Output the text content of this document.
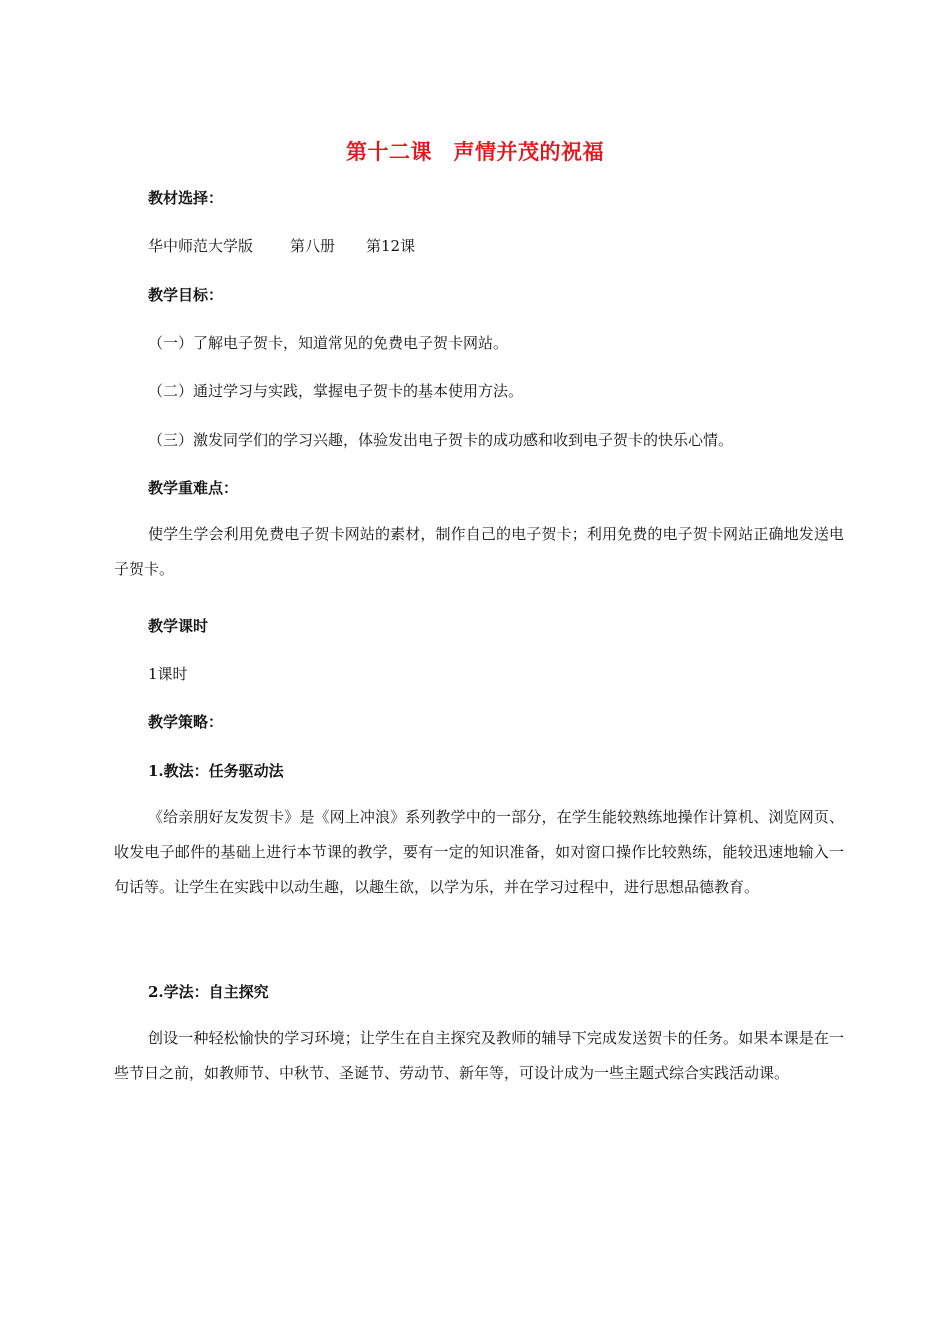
第十二课　声情并茂的祝福
教材选择：
华中师范大学版 第八册 第12课
教学目标：
（一）了解电子贺卡，知道常见的免费电子贺卡网站。
（二）通过学习与实践，掌握电子贺卡的基本使用方法。
（三）激发同学们的学习兴趣，体验发出电子贺卡的成功感和收到电子贺卡的快乐心情。
教学重难点：
使学生学会利用免费电子贺卡网站的素材，制作自己的电子贺卡；利用免费的电子贺卡网站正确地发送电子贺卡。
教学课时
1课时
教学策略：
1.教法：任务驱动法
《给亲朋好友发贺卡》是《网上冲浪》系列教学中的一部分，在学生能较熟练地操作计算机、浏览网页、收发电子邮件的基础上进行本节课的教学，要有一定的知识准备，如对窗口操作比较熟练，能较迅速地输入一句话等。让学生在实践中以动生趣，以趣生欲，以学为乐，并在学习过程中，进行思想品德教育。
2.学法：自主探究
创设一种轻松愉快的学习环境；让学生在自主探究及教师的辅导下完成发送贺卡的任务。如果本课是在一些节日之前，如教师节、中秋节、圣诞节、劳动节、新年等，可设计成为一些主题式综合实践活动课。
